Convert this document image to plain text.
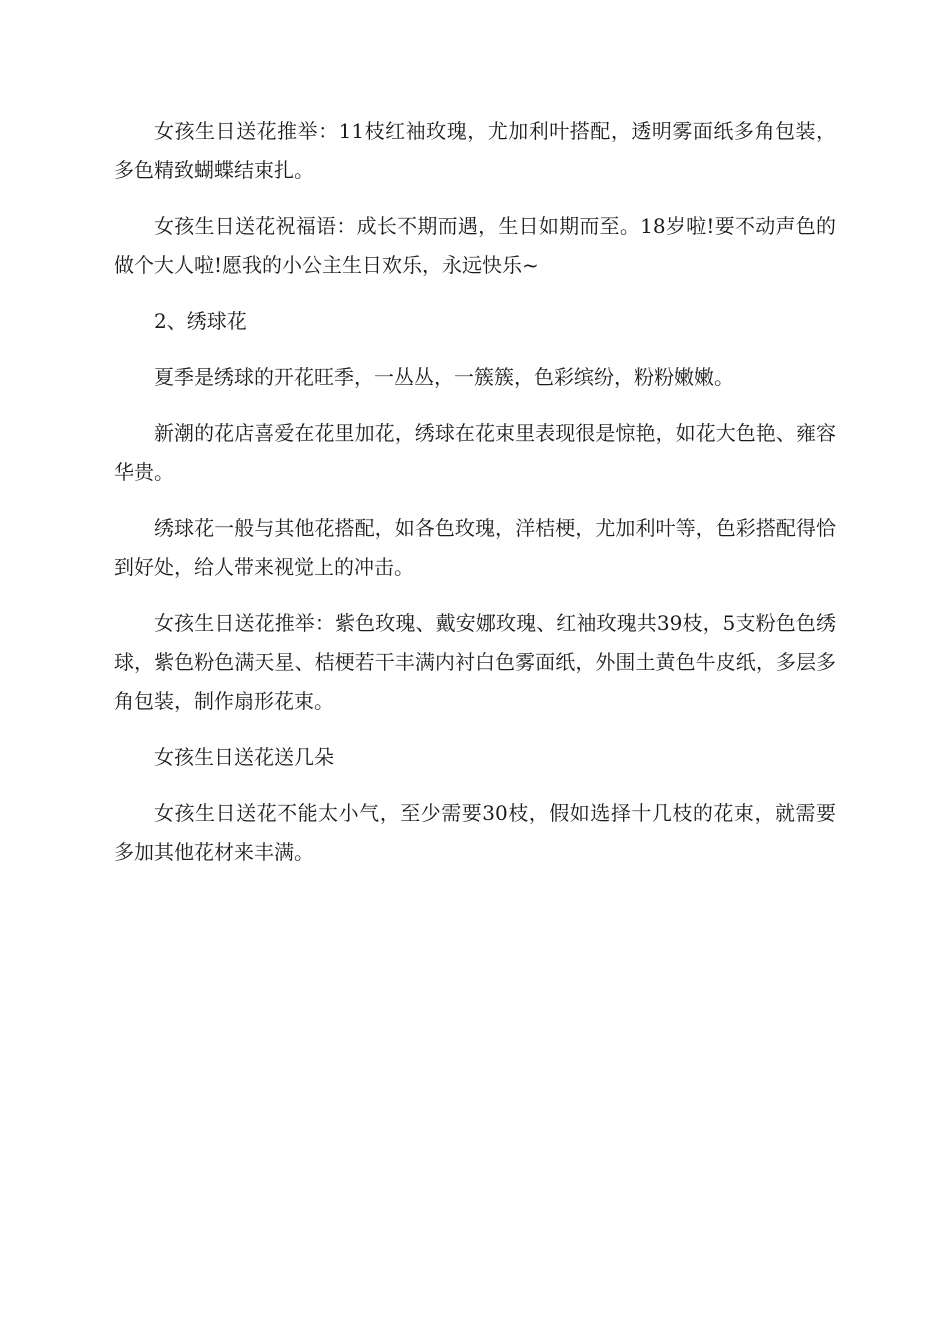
女孩生日送花推举：11枝红袖玫瑰，尤加利叶搭配，透明雾面纸多角包装，多色精致蝴蝶结束扎。

女孩生日送花祝福语：成长不期而遇，生日如期而至。18岁啦!要不动声色的做个大人啦!愿我的小公主生日欢乐，永远快乐~

2、绣球花

夏季是绣球的开花旺季，一丛丛，一簇簇，色彩缤纷，粉粉嫩嫩。

新潮的花店喜爱在花里加花，绣球在花束里表现很是惊艳，如花大色艳、雍容华贵。

绣球花一般与其他花搭配，如各色玫瑰，洋桔梗，尤加利叶等，色彩搭配得恰到好处，给人带来视觉上的冲击。

女孩生日送花推举：紫色玫瑰、戴安娜玫瑰、红袖玫瑰共39枝，5支粉色色绣球，紫色粉色满天星、桔梗若干丰满内衬白色雾面纸，外围土黄色牛皮纸，多层多角包装，制作扇形花束。

女孩生日送花送几朵

女孩生日送花不能太小气，至少需要30枝，假如选择十几枝的花束，就需要多加其他花材来丰满。
